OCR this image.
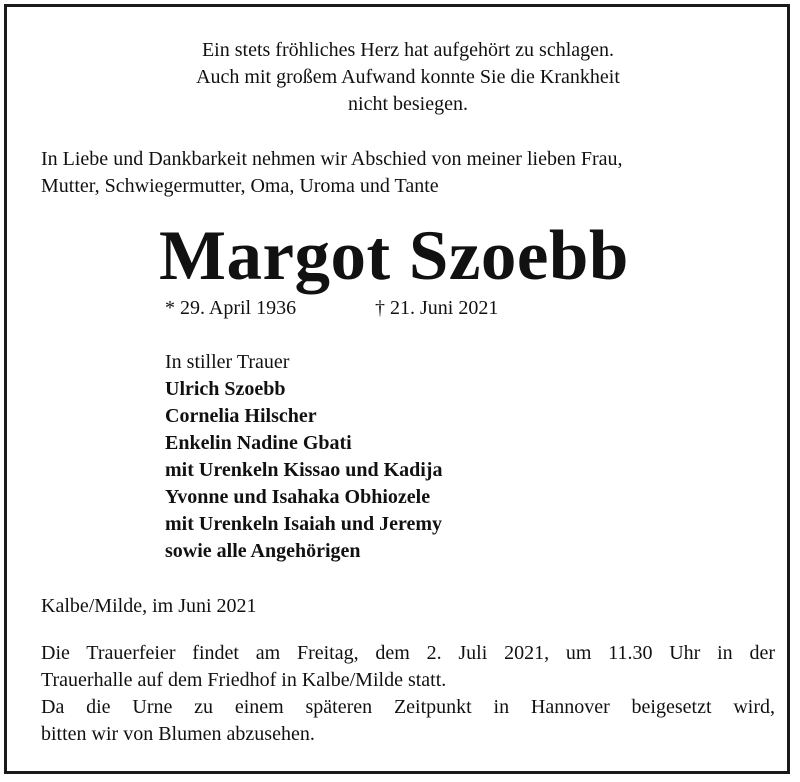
Ein stets fröhliches Herz hat aufgehört zu schlagen.
Auch mit großem Aufwand konnte Sie die Krankheit
nicht besiegen.
In Liebe und Dankbarkeit nehmen wir Abschied von meiner lieben Frau,
Mutter, Schwiegermutter, Oma, Uroma und Tante
Margot Szoebb
* 29. April 1936	† 21. Juni 2021
In stiller Trauer
Ulrich Szoebb
Cornelia Hilscher
Enkelin Nadine Gbati
mit Urenkeln Kissao und Kadija
Yvonne und Isahaka Obhiozele
mit Urenkeln Isaiah und Jeremy
sowie alle Angehörigen
Kalbe/Milde, im Juni 2021
Die Trauerfeier findet am Freitag, dem 2. Juli 2021, um 11.30 Uhr in der
Trauerhalle auf dem Friedhof in Kalbe/Milde statt.
Da die Urne zu einem späteren Zeitpunkt in Hannover beigesetzt wird,
bitten wir von Blumen abzusehen.
